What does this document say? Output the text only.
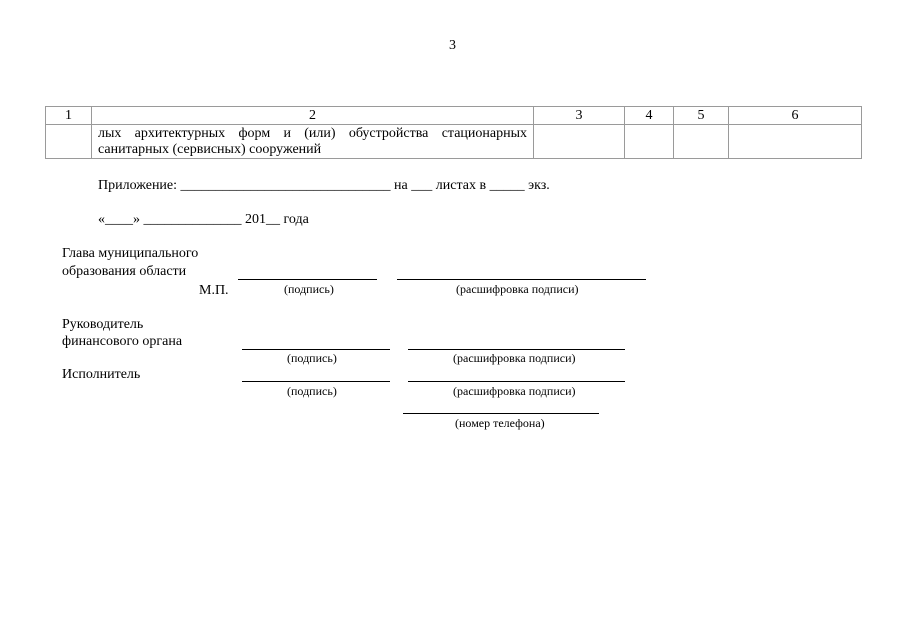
3
1	2	3	4	5	6

	лых архитектурных форм и (или) обустройства стационарных санитарных (сервисных) сооружений				

Приложение: ______________________________ на ___ листах в _____ экз.
«____» ______________ 201__ года
Глава муниципального
образования области
М.П.	(подпись)	(расшифровка подписи)
Руководитель
финансового органа
(подпись)	(расшифровка подписи)
Исполнитель
(подпись)	(расшифровка подписи)
(номер телефона)
